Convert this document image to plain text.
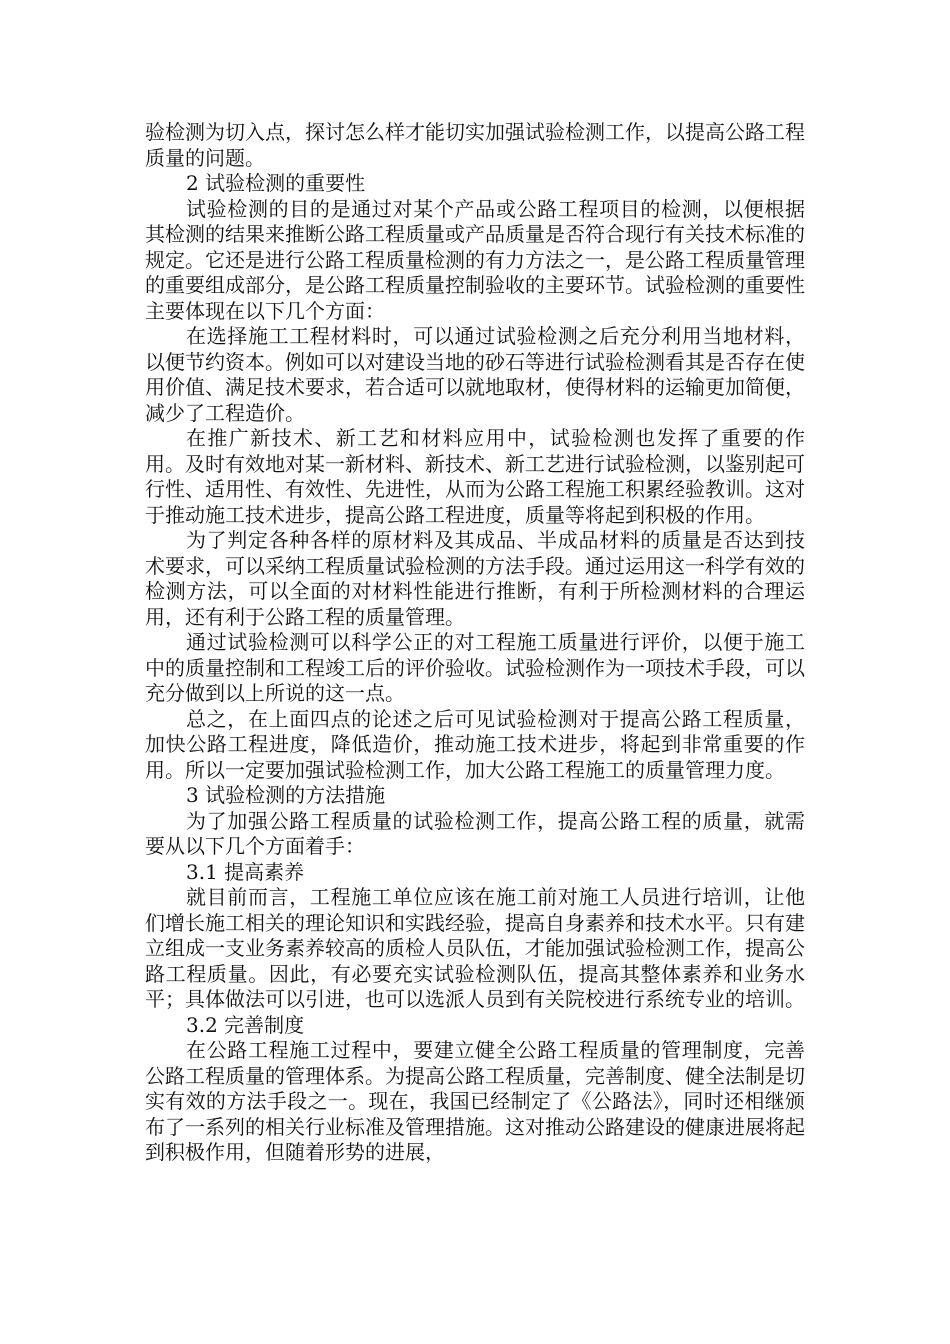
验检测为切入点，探讨怎么样才能切实加强试验检测工作，以提高公路工程质量的问题。

2 试验检测的重要性

试验检测的目的是通过对某个产品或公路工程项目的检测，以便根据其检测的结果来推断公路工程质量或产品质量是否符合现行有关技术标准的规定。它还是进行公路工程质量检测的有力方法之一，是公路工程质量管理的重要组成部分，是公路工程质量控制验收的主要环节。试验检测的重要性主要体现在以下几个方面：

在选择施工工程材料时，可以通过试验检测之后充分利用当地材料，以便节约资本。例如可以对建设当地的砂石等进行试验检测看其是否存在使用价值、满足技术要求，若合适可以就地取材，使得材料的运输更加简便，减少了工程造价。

在推广新技术、新工艺和材料应用中，试验检测也发挥了重要的作用。及时有效地对某一新材料、新技术、新工艺进行试验检测，以鉴别起可行性、适用性、有效性、先进性，从而为公路工程施工积累经验教训。这对于推动施工技术进步，提高公路工程进度，质量等将起到积极的作用。

为了判定各种各样的原材料及其成品、半成品材料的质量是否达到技术要求，可以采纳工程质量试验检测的方法手段。通过运用这一科学有效的检测方法，可以全面的对材料性能进行推断，有利于所检测材料的合理运用，还有利于公路工程的质量管理。

通过试验检测可以科学公正的对工程施工质量进行评价，以便于施工中的质量控制和工程竣工后的评价验收。试验检测作为一项技术手段，可以充分做到以上所说的这一点。

总之，在上面四点的论述之后可见试验检测对于提高公路工程质量，加快公路工程进度，降低造价，推动施工技术进步，将起到非常重要的作用。所以一定要加强试验检测工作，加大公路工程施工的质量管理力度。

3 试验检测的方法措施

为了加强公路工程质量的试验检测工作，提高公路工程的质量，就需要从以下几个方面着手：

3.1 提高素养

就目前而言，工程施工单位应该在施工前对施工人员进行培训，让他们增长施工相关的理论知识和实践经验，提高自身素养和技术水平。只有建立组成一支业务素养较高的质检人员队伍，才能加强试验检测工作，提高公路工程质量。因此，有必要充实试验检测队伍，提高其整体素养和业务水平；具体做法可以引进，也可以选派人员到有关院校进行系统专业的培训。

3.2 完善制度

在公路工程施工过程中，要建立健全公路工程质量的管理制度，完善公路工程质量的管理体系。为提高公路工程质量，完善制度、健全法制是切实有效的方法手段之一。现在，我国已经制定了《公路法》，同时还相继颁布了一系列的相关行业标准及管理措施。这对推动公路建设的健康进展将起到积极作用，但随着形势的进展，
